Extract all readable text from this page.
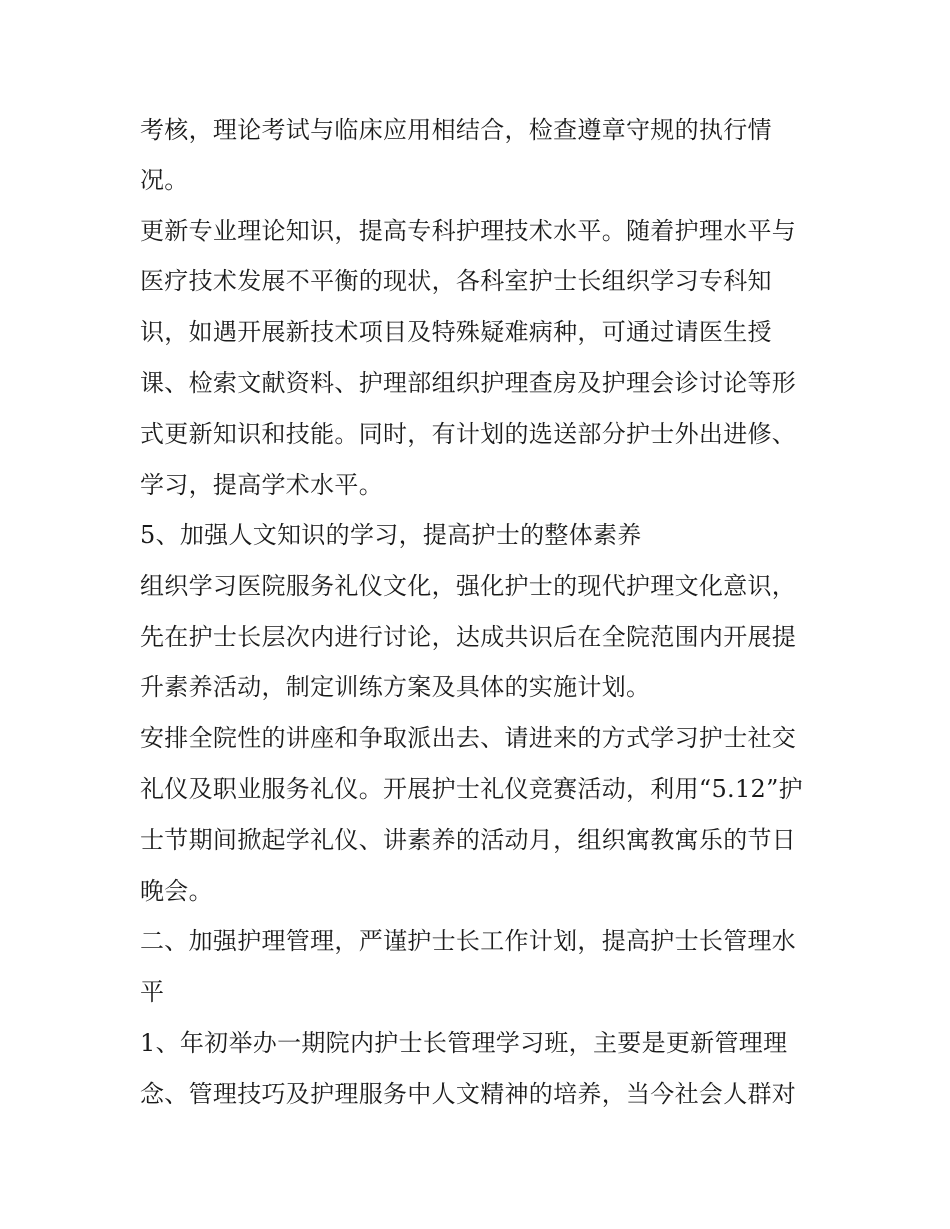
考核，理论考试与临床应用相结合，检查遵章守规的执行情
况。
更新专业理论知识，提高专科护理技术水平。随着护理水平与
医疗技术发展不平衡的现状，各科室护士长组织学习专科知
识，如遇开展新技术项目及特殊疑难病种，可通过请医生授
课、检索文献资料、护理部组织护理查房及护理会诊讨论等形
式更新知识和技能。同时，有计划的选送部分护士外出进修、
学习，提高学术水平。
5、加强人文知识的学习，提高护士的整体素养
组织学习医院服务礼仪文化，强化护士的现代护理文化意识，
先在护士长层次内进行讨论，达成共识后在全院范围内开展提
升素养活动，制定训练方案及具体的实施计划。
安排全院性的讲座和争取派出去、请进来的方式学习护士社交
礼仪及职业服务礼仪。开展护士礼仪竞赛活动，利用“5.12”护
士节期间掀起学礼仪、讲素养的活动月，组织寓教寓乐的节日
晚会。
二、加强护理管理，严谨护士长工作计划，提高护士长管理水
平
1、年初举办一期院内护士长管理学习班，主要是更新管理理
念、管理技巧及护理服务中人文精神的培养，当今社会人群对
